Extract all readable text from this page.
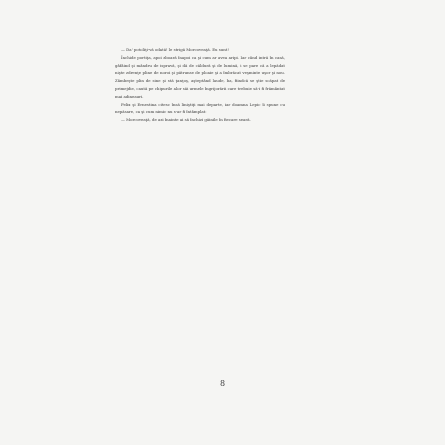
— Da' potoliţi-vă odată! le strigă Morcoveaţă. Eu sunt!

Închide portiţa, apoi zboară înapoi ca şi cum ar avea aripi. Iar când intră în casă, gâfâind şi mândru de ispravă, şi dă de căldură şi de lumină, i se pare că a lepădat nişte zdrenţe pline de noroi şi pătrunse de ploaie şi a îmbrăcat veşminte uşor şi nou. Zâmbeşte plin de sine şi stă ţanţoş, aşteptând laude, ba, fiindcă se ştie scăpat de primejdie, caută pe chipurile alor săi urmele îngrijorării care trebuie să-i fi frământat mai adineauri.

Felix şi Ernestina citesc însă liniştiţi mai departe, iar doamna Lepic îi spune cu nepăsare, ca şi cum nimic nu s-ar fi întâmplat:

— Morcoveaţă, de azi înainte ai să închizi găinile în fiecare seară.

8
